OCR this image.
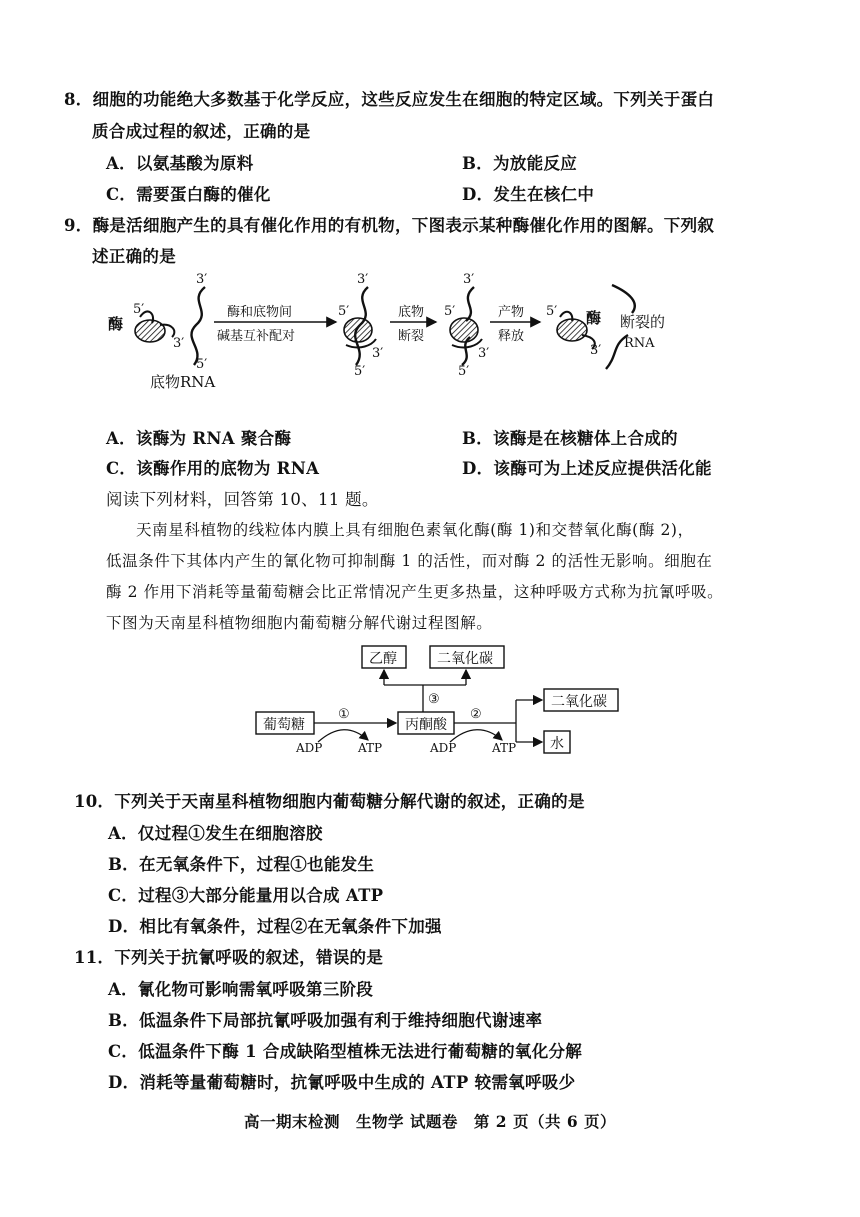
8．细胞的功能绝大多数基于化学反应，这些反应发生在细胞的特定区域。下列关于蛋白
质合成过程的叙述，正确的是
A．以氨基酸为原料	B．为放能反应
C．需要蛋白酶的催化	D．发生在核仁中
9．酶是活细胞产生的具有催化作用的有机物，下图表示某种酶催化作用的图解。下列叙
述正确的是
酶
5′
3′
3′
5′
底物RNA
酶和底物间
碱基互补配对
3′
5′
3′
5′
底物
断裂
3′
5′
3′
5′
产物
释放
5′
3′
酶 断裂的
RNA
A．该酶为 RNA 聚合酶	B．该酶是在核糖体上合成的
C．该酶作用的底物为 RNA	D．该酶可为上述反应提供活化能
阅读下列材料，回答第 10、11 题。
天南星科植物的线粒体内膜上具有细胞色素氧化酶(酶 1)和交替氧化酶(酶 2)，
低温条件下其体内产生的氰化物可抑制酶 1 的活性，而对酶 2 的活性无影响。细胞在
酶 2 作用下消耗等量葡萄糖会比正常情况产生更多热量，这种呼吸方式称为抗氰呼吸。
下图为天南星科植物细胞内葡萄糖分解代谢过程图解。
乙醇	二氧化碳
③
葡萄糖
①
ADP	ATP
丙酮酸
②
ADP	ATP
二氧化碳
水
10．下列关于天南星科植物细胞内葡萄糖分解代谢的叙述，正确的是
A．仅过程①发生在细胞溶胶
B．在无氧条件下，过程①也能发生
C．过程③大部分能量用以合成 ATP
D．相比有氧条件，过程②在无氧条件下加强
11．下列关于抗氰呼吸的叙述，错误的是
A．氰化物可影响需氧呼吸第三阶段
B．低温条件下局部抗氰呼吸加强有利于维持细胞代谢速率
C．低温条件下酶 1 合成缺陷型植株无法进行葡萄糖的氧化分解
D．消耗等量葡萄糖时，抗氰呼吸中生成的 ATP 较需氧呼吸少
高一期末检测　生物学 试题卷　第 2 页（共 6 页）
